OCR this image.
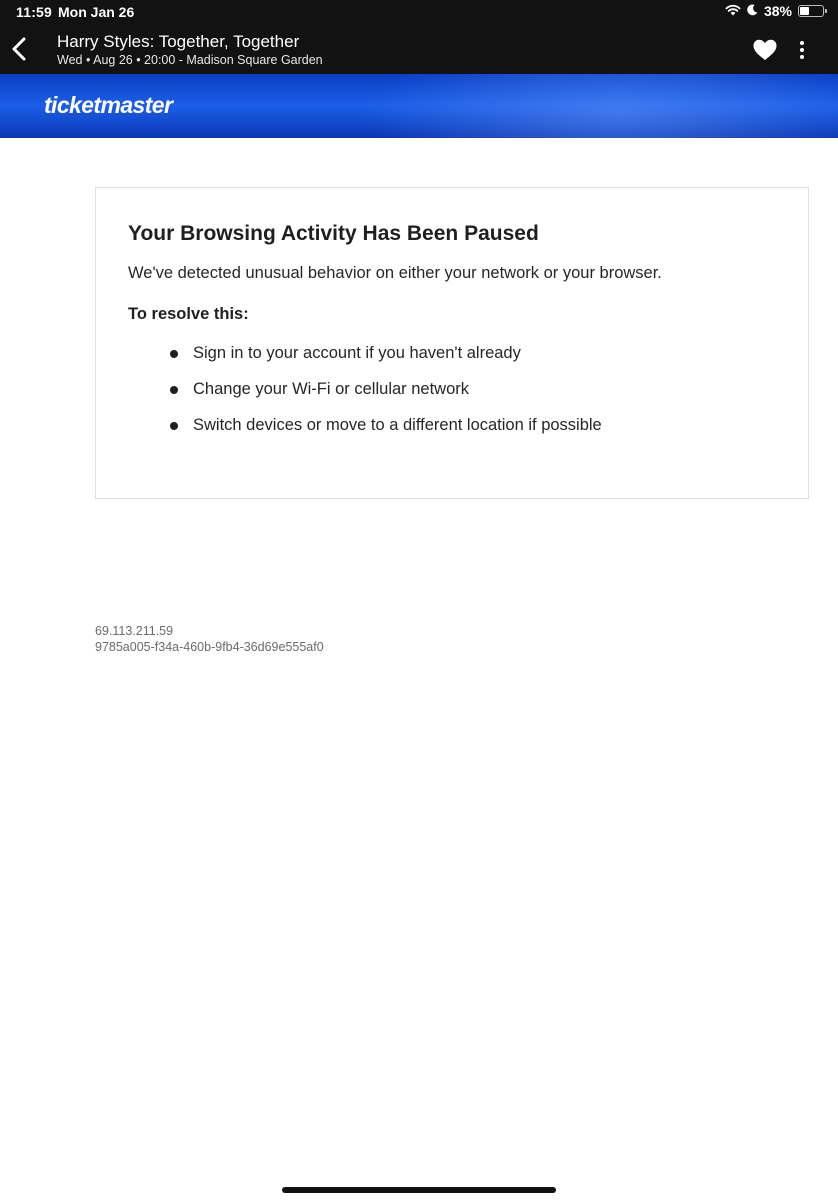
11:59 Mon Jan 26	38%
Harry Styles: Together, Together
Wed • Aug 26 • 20:00 - Madison Square Garden
ticketmaster
Your Browsing Activity Has Been Paused
We've detected unusual behavior on either your network or your browser.
To resolve this:
Sign in to your account if you haven't already
Change your Wi-Fi or cellular network
Switch devices or move to a different location if possible
69.113.211.59
9785a005-f34a-460b-9fb4-36d69e555af0
